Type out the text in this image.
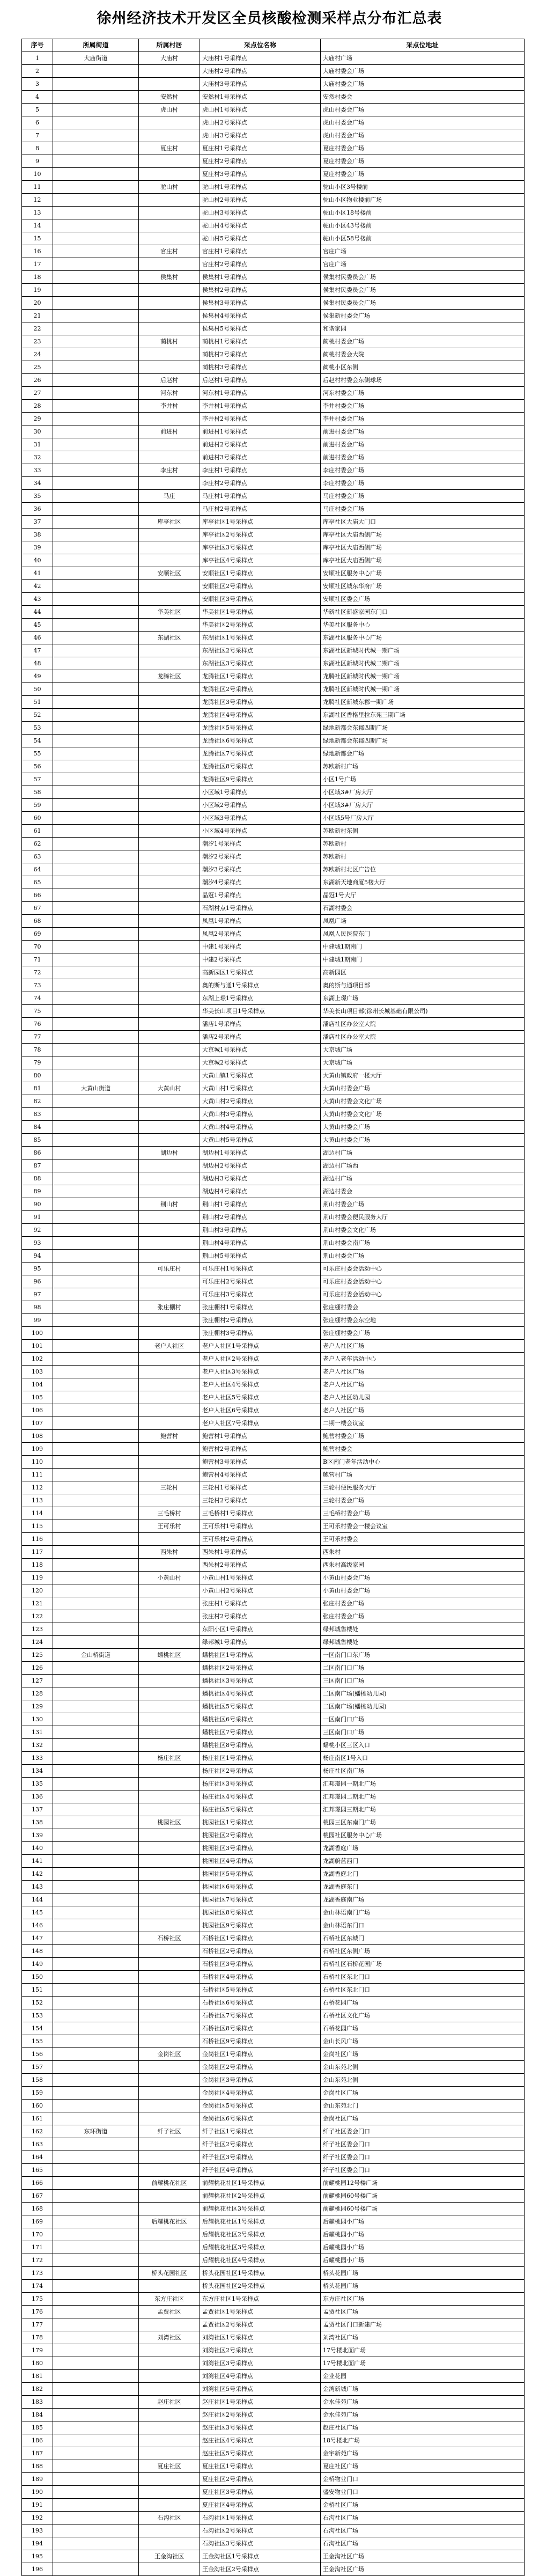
徐州经济技术开发区全员核酸检测采样点分布汇总表
序号	所属街道	所属村居	采点位名称	采点位地址
1	大庙街道	大庙村	大庙村1号采样点	大庙村广场
2			大庙村2号采样点	大庙村委会广场
3			大庙村3号采样点	大庙村委会广场
4		安然村	安然村1号采样点	安然村委会
5		虎山村	虎山村1号采样点	虎山村委会广场
6			虎山村2号采样点	虎山村委会广场
7			虎山村3号采样点	虎山村委会广场
8		夏庄村	夏庄村1号采样点	夏庄村委会广场
9			夏庄村2号采样点	夏庄村委会广场
10			夏庄村3号采样点	夏庄村委会广场
11		驼山村	驼山村1号采样点	驼山小区3号楼前
12			驼山村2号采样点	驼山小区物业楼前广场
13			驼山村3号采样点	驼山小区18号楼前
14			驼山村4号采样点	驼山小区43号楼前
15			驼山村5号采样点	驼山小区58号楼前
16		官庄村	官庄村1号采样点	官庄广场
17			官庄村2号采样点	官庄广场
18		侯集村	侯集村1号采样点	侯集村民委员会广场
19			侯集村2号采样点	侯集村民委员会广场
20			侯集村3号采样点	侯集村民委员会广场
21			侯集村4号采样点	侯集新村委会广场
22			侯集村5号采样点	和谐家园
23		蔺桃村	蔺桃村1号采样点	蔺桃村委会广场
24			蔺桃村2号采样点	蔺桃村委会大院
25			蔺桃村3号采样点	蔺桃小区东侧
26		后赵村	后赵村1号采样点	后赵村村委会东侧球场
27		河东村	河东村1号采样点	河东村委会广场
28		李井村	李井村1号采样点	李井村委会广场
29			李井村2号采样点	李井村委会广场
30		前进村	前进村1号采样点	前进村委会广场
31			前进村2号采样点	前进村委会广场
32			前进村3号采样点	前进村委会广场
33		李庄村	李庄村1号采样点	李庄村委会广场
34			李庄村2号采样点	李庄村委会广场
35		马庄	马庄村1号采样点	马庄村委会广场
36			马庄村2号采样点	马庄村委会广场
37		库亭社区	库亭社区1号采样点	库亭社区大庙大门口
38			库亭社区2号采样点	库亭社区大庙西侧广场
39			库亭社区3号采样点	库亭社区大庙西侧广场
40			库亭社区4号采样点	库亭社区大庙西侧广场
41		安顺社区	安顺社区1号采样点	安顺社区服务中心广场
42			安顺社区2号采样点	安顺社区城东华府广场
43			安顺社区3号采样点	安顺社区委会广场
44		华美社区	华美社区1号采样点	华新社区新盛家园东门口
45			华美社区2号采样点	华美社区服务中心
46		东湖社区	东湖社区1号采样点	东湖社区服务中心广场
47			东湖社区2号采样点	东湖社区新城时代城一期广场
48			东湖社区3号采样点	东湖社区新城时代城二期广场
49		龙腾社区	龙腾社区1号采样点	龙腾社区新城时代城一期广场
50			龙腾社区2号采样点	龙腾社区新城时代城一期广场
51			龙腾社区3号采样点	龙腾社区新城东郡一期广场
52			龙腾社区4号采样点	东湖社区香格里拉东苑三期广场
53			龙腾社区5号采样点	绿地新都会东郡四期广场
54			龙腾社区6号采样点	绿地新都会东郡四期广场
55			龙腾社区7号采样点	绿地新都会广场
56			龙腾社区8号采样点	苏欧新村广场
57			龙腾社区9号采样点	小区1号广场
58			小区域1号采样点	小区域3#厂房大厅
59			小区域2号采样点	小区域3#厂房大厅
60			小区域3号采样点	小区域5号厂房大厅
61			小区域4号采样点	苏欧新村东侧
62			潮汐1号采样点	苏欧新村
63			潮汐2号采样点	苏欧新村
64			潮汐3号采样点	苏欧新村北区广告位
65			潮汐4号采样点	东湖新天地商厦5楼大厅
66			晶冠1号采样点	晶冠1号大厅
67			石湖村点1号采样点	石湖村委会
68			凤凰1号采样点	凤凰广场
69			凤凰2号采样点	凤凰人民医院东门
70			中建1号采样点	中建城1期南门
71			中建2号采样点	中建城1期南门
72			高新园区1号采样点	高新园区
73			奥的斯与通1号采样点	奥的斯与通项目部
74			东湖上璟1号采样点	东湖上璟广场
75			华美长山项目1号采样点	华美长山项目部(徐州长城基础有限公司)
76			潘店1号采样点	潘店社区办公室大院
77			潘店2号采样点	潘店社区办公室大院
78			大京城1号采样点	大京城广场
79			大京城2号采样点	大京城广场
80			大黄山镇1号采样点	大黄山镇政府一楼大厅
81	大黄山街道	大黄山村	大黄山村1号采样点	大黄山村委会广场
82			大黄山村2号采样点	大黄山村委会文化广场
83			大黄山村3号采样点	大黄山村委会文化广场
84			大黄山村4号采样点	大黄山村委会广场
85			大黄山村5号采样点	大黄山村委会广场
86		湖边村	湖边村1号采样点	湖边村广场
87			湖边村2号采样点	湖边村广场西
88			湖边村3号采样点	湖边村广场
89			湖边村4号采样点	湖边村委会
90		荆山村	荆山村1号采样点	荆山村委会广场
91			荆山村2号采样点	荆山村委会便民服务大厅
92			荆山村3号采样点	荆山村委会文化广场
93			荆山村4号采样点	荆山村委会南广场
94			荆山村5号采样点	荆山村委会广场
95		可乐庄村	可乐庄村1号采样点	可乐庄村委会活动中心
96			可乐庄村2号采样点	可乐庄村委会活动中心
97			可乐庄村3号采样点	可乐庄村委会活动中心
98		张庄棚村	张庄棚村1号采样点	张庄棚村委会
99			张庄棚村2号采样点	张庄棚村委会东空地
100			张庄棚村3号采样点	张庄棚村委会广场
101		老户人社区	老户人社区1号采样点	老户人社区广场
102			老户人社区2号采样点	老户人老年活动中心
103			老户人社区3号采样点	老户人社区广场
104			老户人社区4号采样点	老户人社区广场
105			老户人社区5号采样点	老户人社区幼儿园
106			老户人社区6号采样点	老户人社区广场
107			老户人社区7号采样点	二期一楼会议室
108		鲍营村	鲍营村1号采样点	鲍营村委会广场
109			鲍营村2号采样点	鲍营村委会
110			鲍营村3号采样点	B区南门老年活动中心
111			鲍营村4号采样点	鲍营村广场
112		三轮村	三轮村1号采样点	三轮村便民服务大厅
113			三轮村2号采样点	三轮村委会广场
114		三毛桥村	三毛桥村1号采样点	三毛桥村委会广场
115		王可乐村	王可乐村1号采样点	王可乐村委会一楼会议室
116			王可乐村2号采样点	王可乐村委会
117		西朱村	西朱村1号采样点	西朱村
118			西朱村2号采样点	西朱村高级家园
119		小黄山村	小黄山村1号采样点	小黄山村委会广场
120			小黄山村2号采样点	小黄山村委会广场
121			张庄村1号采样点	张庄村委会广场
122			张庄村2号采样点	张庄村委会广场
123			东阳小区1号采样点	绿邦城售楼处
124			绿邦城1号采样点	绿邦城售楼处
125	金山桥街道	蟠桃社区	蟠桃社区1号采样点	一区南门口东广场
126			蟠桃社区2号采样点	二区南门口广场
127			蟠桃社区3号采样点	三区南门口广场
128			蟠桃社区4号采样点	二区南广场(蟠桃幼儿园)
129			蟠桃社区5号采样点	二区南广场(蟠桃幼儿园)
130			蟠桃社区6号采样点	一区南门口广场
131			蟠桃社区7号采样点	三区南门口广场
132			蟠桃社区8号采样点	蟠桃小区三区入口
133		杨庄社区	杨庄社区1号采样点	杨庄南区1号入口
134			杨庄社区2号采样点	杨庄社区南广场
135			杨庄社区3号采样点	汇邦璟园一期北广场
136			杨庄社区4号采样点	汇邦璟园二期北广场
137			杨庄社区5号采样点	汇邦璟园三期北广场
138		桃园社区	桃园社区1号采样点	桃园三区东南门广场
139			桃园社区2号采样点	桃园社区服务中心广场
140			桃园社区3号采样点	龙湖香庭广场
141			桃园社区4号采样点	龙湖蔚蓝西门
142			桃园社区5号采样点	龙湖香庭北门
143			桃园社区6号采样点	龙湖香庭东门
144			桃园社区7号采样点	龙湖香庭南广场
145			桃园社区8号采样点	金山林语南门广场
146			桃园社区9号采样点	金山林语东门口
147		石桥社区	石桥社区1号采样点	石桥社区东城门
148			石桥社区2号采样点	石桥社区东侧广场
149			石桥社区3号采样点	石桥社区石桥花园广场
150			石桥社区4号采样点	石桥社区东北门口
151			石桥社区5号采样点	石桥社区东北门口
152			石桥社区6号采样点	石桥花园广场
153			石桥社区7号采样点	石桥社区文化广场
154			石桥社区8号采样点	石桥花园广场
155			石桥社区9号采样点	金山长风广场
156		金岗社区	金岗社区1号采样点	金岗社区广场
157			金岗社区2号采样点	金山东苑北侧
158			金岗社区3号采样点	金山东苑北侧
159			金岗社区4号采样点	金岗社区广场
160			金岗社区5号采样点	金山东苑北门
161			金岗社区6号采样点	金岗社区广场
162	东环街道	纤子社区	纤子社区1号采样点	纤子社区委会门口
163			纤子社区2号采样点	纤子社区委会门口
164			纤子社区3号采样点	纤子社区委会门口
165			纤子社区4号采样点	纤子社区委会门口
166		前耀桃花社区	前耀桃花社区1号采样点	前耀桃园12号楼广场
167			前耀桃花社区2号采样点	前耀桃园60号楼广场
168			前耀桃花社区3号采样点	前耀桃园60号楼广场
169		后耀桃花社区	后耀桃花社区1号采样点	后耀桃园小广场
170			后耀桃花社区2号采样点	后耀桃园小广场
171			后耀桃花社区3号采样点	后耀桃园小广场
172			后耀桃花社区4号采样点	后耀桃园小广场
173		桥头花园社区	桥头花园社区1号采样点	桥头花园广场
174			桥头花园社区2号采样点	桥头花园广场
175		东方庄社区	东方庄社区1号采样点	东方庄社区广场
176		孟贾社区	孟贾社区1号采样点	孟贾社区广场
177			孟贾社区2号采样点	孟贾社区门口新建广场
178		刘湾社区	刘湾社区1号采样点	刘湾社区广场
179			刘湾社区2号采样点	17号楼北面广场
180			刘湾社区3号采样点	17号楼北面广场
181			刘湾社区4号采样点	金业花园
182			刘湾社区5号采样点	金湾新城广场
183		赵庄社区	赵庄社区1号采样点	金水佳苑广场
184			赵庄社区2号采样点	金水佳苑广场
185			赵庄社区3号采样点	赵庄社区广场
186			赵庄社区4号采样点	18号楼北广场
187			赵庄社区5号采样点	金宇新苑广场
188		夏庄社区	夏庄社区1号采样点	夏庄社区广场
189			夏庄社区2号采样点	金桥物业门口
190			夏庄社区3号采样点	盛安物业门口
191			夏庄社区4号采样点	金桥社区广场
192		石沟社区	石沟社区1号采样点	石沟社区广场
193			石沟社区2号采样点	石沟社区广场
194			石沟社区3号采样点	石沟社区广场
195		王金沟社区	王金沟社区1号采样点	王金沟社区广场
196			王金沟社区2号采样点	王金沟社区广场
